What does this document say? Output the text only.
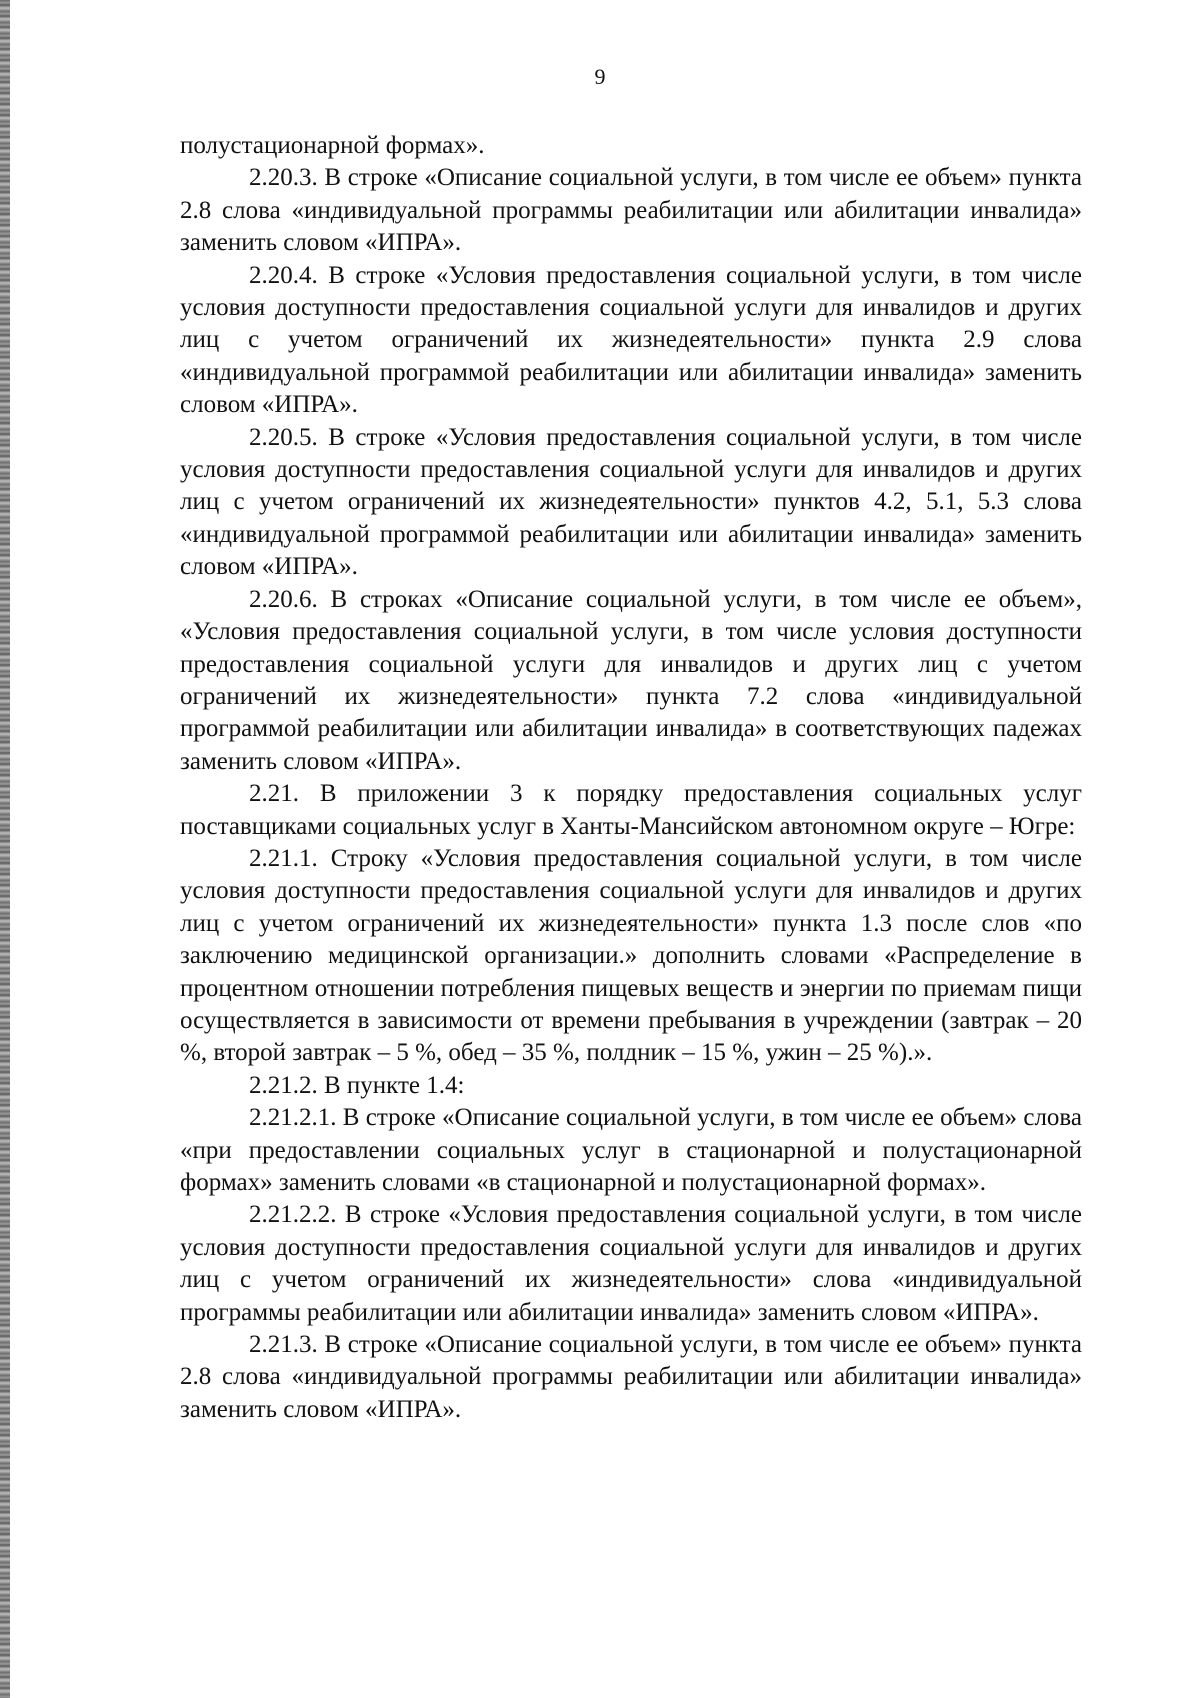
9

полустационарной формах».

2.20.3. В строке «Описание социальной услуги, в том числе ее объем» пункта 2.8 слова «индивидуальной программы реабилитации или абилитации инвалида» заменить словом «ИПРА».

2.20.4. В строке «Условия предоставления социальной услуги, в том числе условия доступности предоставления социальной услуги для инвалидов и других лиц с учетом ограничений их жизнедеятельности» пункта 2.9 слова «индивидуальной программой реабилитации или абилитации инвалида» заменить словом «ИПРА».

2.20.5. В строке «Условия предоставления социальной услуги, в том числе условия доступности предоставления социальной услуги для инвалидов и других лиц с учетом ограничений их жизнедеятельности» пунктов 4.2, 5.1, 5.3 слова «индивидуальной программой реабилитации или абилитации инвалида» заменить словом «ИПРА».

2.20.6. В строках «Описание социальной услуги, в том числе ее объем», «Условия предоставления социальной услуги, в том числе условия доступности предоставления социальной услуги для инвалидов и других лиц с учетом ограничений их жизнедеятельности» пункта 7.2 слова «индивидуальной программой реабилитации или абилитации инвалида» в соответствующих падежах заменить словом «ИПРА».

2.21. В приложении 3 к порядку предоставления социальных услуг поставщиками социальных услуг в Ханты-Мансийском автономном округе – Югре:

2.21.1. Строку «Условия предоставления социальной услуги, в том числе условия доступности предоставления социальной услуги для инвалидов и других лиц с учетом ограничений их жизнедеятельности» пункта 1.3 после слов «по заключению медицинской организации.» дополнить словами «Распределение в процентном отношении потребления пищевых веществ и энергии по приемам пищи осуществляется в зависимости от времени пребывания в учреждении (завтрак – 20 %, второй завтрак – 5 %, обед – 35 %, полдник – 15 %, ужин – 25 %).».

2.21.2. В пункте 1.4:

2.21.2.1. В строке «Описание социальной услуги, в том числе ее объем» слова «при предоставлении социальных услуг в стационарной и полустационарной формах» заменить словами «в стационарной и полустационарной формах».

2.21.2.2. В строке «Условия предоставления социальной услуги, в том числе условия доступности предоставления социальной услуги для инвалидов и других лиц с учетом ограничений их жизнедеятельности» слова «индивидуальной программы реабилитации или абилитации инвалида» заменить словом «ИПРА».

2.21.3. В строке «Описание социальной услуги, в том числе ее объем» пункта 2.8 слова «индивидуальной программы реабилитации или абилитации инвалида» заменить словом «ИПРА».
